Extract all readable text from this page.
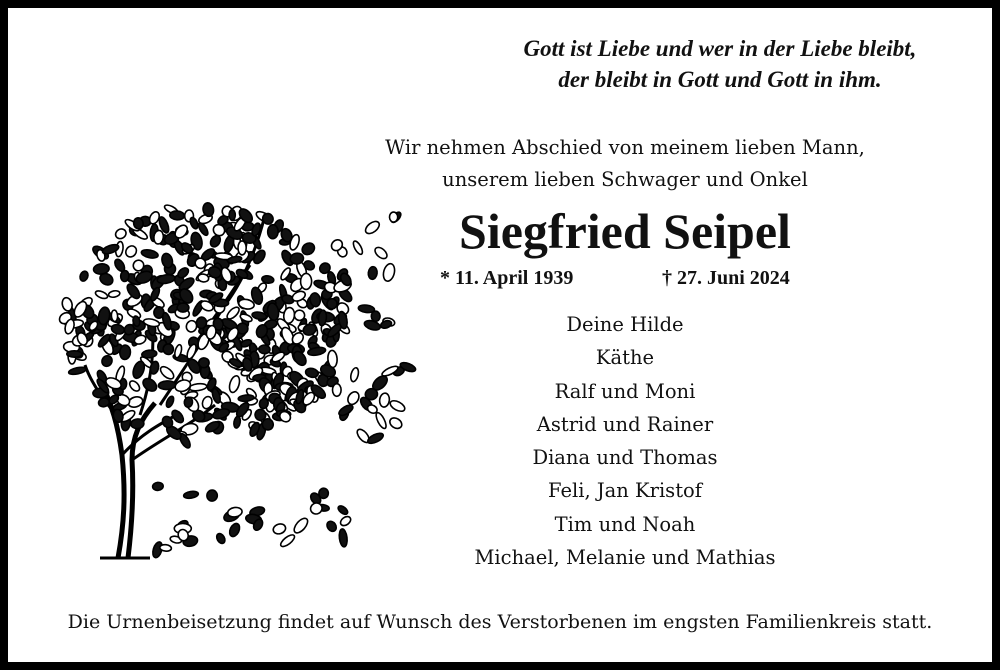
Gott ist Liebe und wer in der Liebe bleibt,
der bleibt in Gott und Gott in ihm.
Wir nehmen Abschied von meinem lieben Mann,
unserem lieben Schwager und Onkel
Siegfried Seipel
* 11. April 1939	† 27. Juni 2024
Deine Hilde
Käthe
Ralf und Moni
Astrid und Rainer
Diana und Thomas
Feli, Jan Kristof
Tim und Noah
Michael, Melanie und Mathias
Die Urnenbeisetzung findet auf Wunsch des Verstorbenen im engsten Familienkreis statt.
